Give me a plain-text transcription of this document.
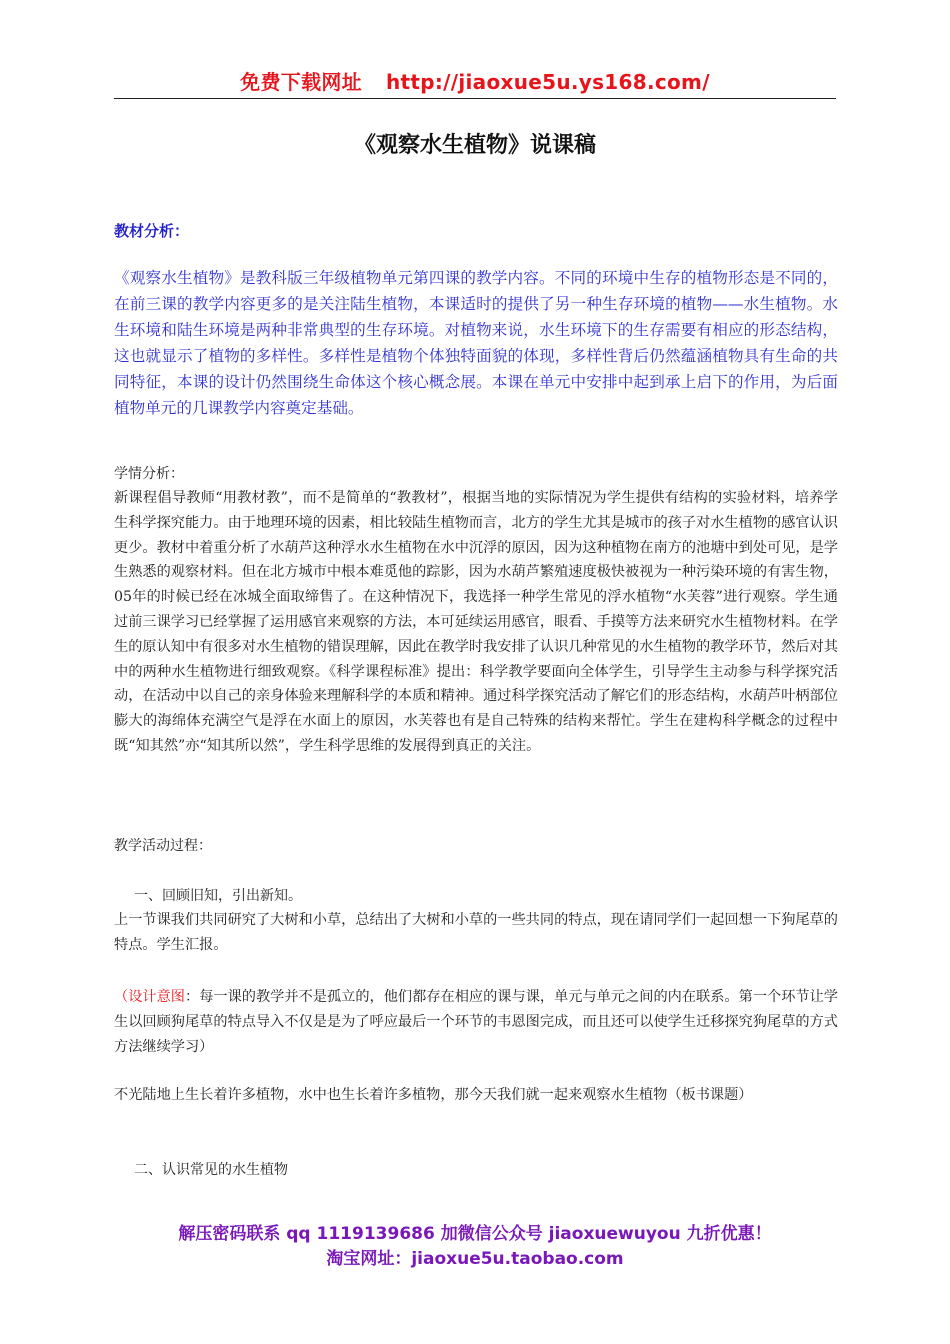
免费下载网址 http://jiaoxue5u.ys168.com/
《观察水生植物》说课稿
教材分析：

《观察水生植物》是教科版三年级植物单元第四课的教学内容。不同的环境中生存的植物形态是不同的，在前三课的教学内容更多的是关注陆生植物，本课适时的提供了另一种生存环境的植物——水生植物。水生环境和陆生环境是两种非常典型的生存环境。对植物来说，水生环境下的生存需要有相应的形态结构，这也就显示了植物的多样性。多样性是植物个体独特面貌的体现，多样性背后仍然蕴涵植物具有生命的共同特征，本课的设计仍然围绕生命体这个核心概念展。本课在单元中安排中起到承上启下的作用，为后面植物单元的几课教学内容奠定基础。

学情分析：

新课程倡导教师“用教材教”，而不是简单的“教教材”，根据当地的实际情况为学生提供有结构的实验材料，培养学生科学探究能力。由于地理环境的因素，相比较陆生植物而言，北方的学生尤其是城市的孩子对水生植物的感官认识更少。教材中着重分析了水葫芦这种浮水水生植物在水中沉浮的原因，因为这种植物在南方的池塘中到处可见，是学生熟悉的观察材料。但在北方城市中根本难觅他的踪影，因为水葫芦繁殖速度极快被视为一种污染环境的有害生物，05年的时候已经在冰城全面取缔售了。在这种情况下，我选择一种学生常见的浮水植物“水芙蓉”进行观察。学生通过前三课学习已经掌握了运用感官来观察的方法，本可延续运用感官，眼看、手摸等方法来研究水生植物材料。在学生的原认知中有很多对水生植物的错误理解，因此在教学时我安排了认识几种常见的水生植物的教学环节，然后对其中的两种水生植物进行细致观察。《科学课程标准》提出：科学教学要面向全体学生，引导学生主动参与科学探究活动，在活动中以自己的亲身体验来理解科学的本质和精神。通过科学探究活动了解它们的形态结构，水葫芦叶柄部位膨大的海绵体充满空气是浮在水面上的原因，水芙蓉也有是自己特殊的结构来帮忙。学生在建构科学概念的过程中既“知其然”亦“知其所以然”，学生科学思维的发展得到真正的关注。

教学活动过程：
一、回顾旧知，引出新知。

上一节课我们共同研究了大树和小草，总结出了大树和小草的一些共同的特点，现在请同学们一起回想一下狗尾草的特点。学生汇报。

（设计意图：每一课的教学并不是孤立的，他们都存在相应的课与课，单元与单元之间的内在联系。第一个环节让学生以回顾狗尾草的特点导入不仅是是为了呼应最后一个环节的韦恩图完成，而且还可以使学生迁移探究狗尾草的方式方法继续学习）

不光陆地上生长着许多植物，水中也生长着许多植物，那今天我们就一起来观察水生植物（板书课题）

二、认识常见的水生植物
解压密码联系 qq 1119139686 加微信公众号 jiaoxuewuyou 九折优惠！
淘宝网址：jiaoxue5u.taobao.com
